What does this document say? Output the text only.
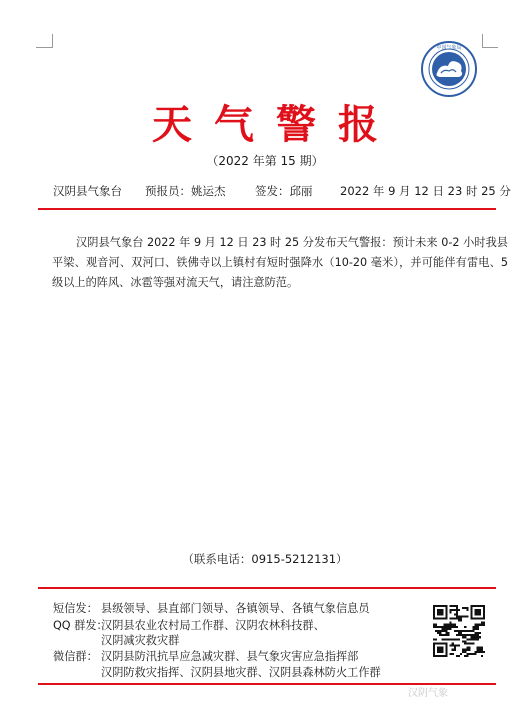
中国气象局
天气警报
（2022 年第 15 期）
汉阴县气象台 预报员：姚运杰	签发：邱丽 2022 年 9 月 12 日 23 时 25 分
汉阴县气象台 2022 年 9 月 12 日 23 时 25 分发布天气警报：预计未来 0-2 小时我县平梁、观音河、双河口、铁佛寺以上镇村有短时强降水（10-20 毫米），并可能伴有雷电、5 级以上的阵风、冰雹等强对流天气，请注意防范。
（联系电话：0915-5212131）
短信发： 县级领导、县直部门领导、各镇领导、各镇气象信息员
QQ 群发：
汉阴县农业农村局工作群、汉阴农林科技群、
汉阴减灾救灾群
微信群： 汉阴县防汛抗旱应急减灾群、县气象灾害应急指挥部
汉阴防救灾指挥、汉阴县地灾群、汉阴县森林防火工作群
汉阴气象
